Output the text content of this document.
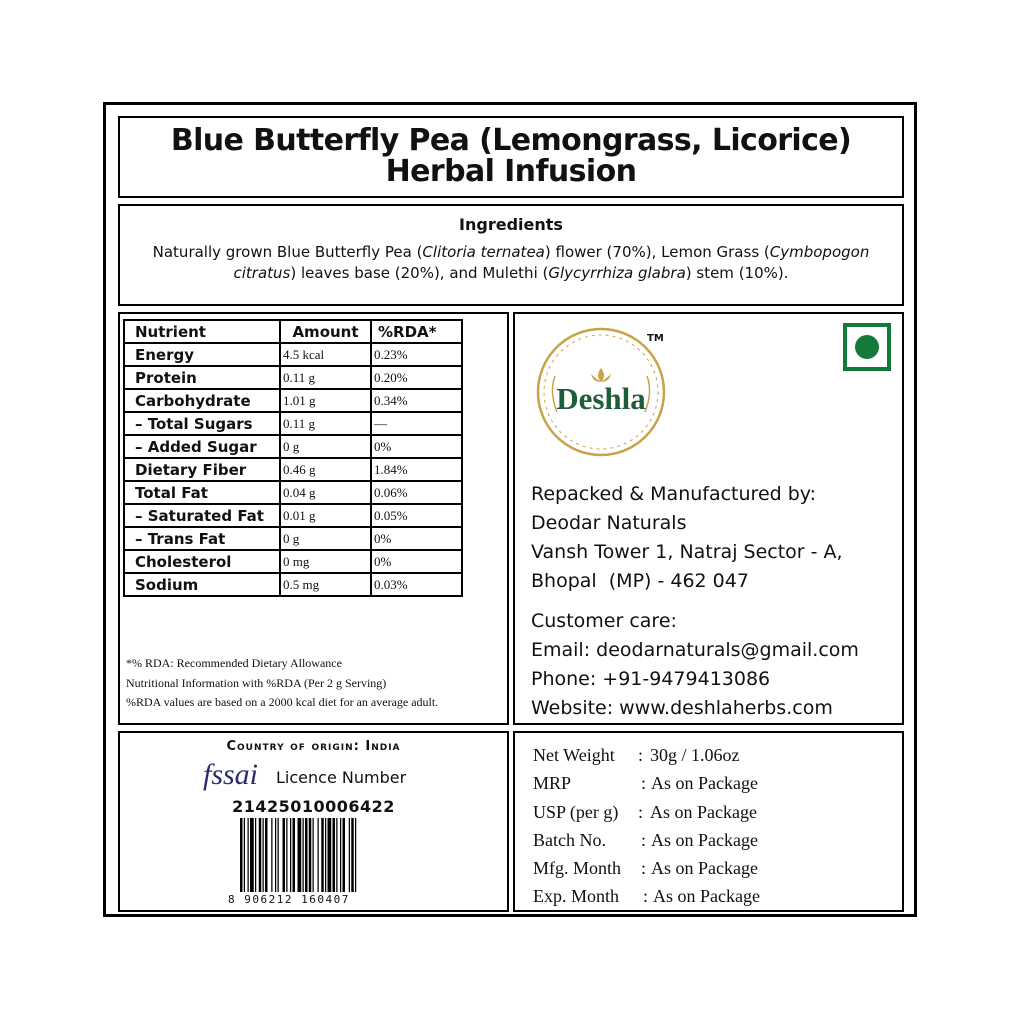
Blue Butterfly Pea (Lemongrass, Licorice)
Herbal Infusion
Ingredients
Naturally grown Blue Butterfly Pea (Clitoria ternatea) flower (70%), Lemon Grass (Cymbopogon citratus) leaves base (20%), and Mulethi (Glycyrrhiza glabra) stem (10%).
Nutrient	Amount	%RDA*
Energy	4.5 kcal	0.23%
Protein	0.11 g	0.20%
Carbohydrate	1.01 g	0.34%
– Total Sugars	0.11 g	—
– Added Sugar	0 g	0%
Dietary Fiber	0.46 g	1.84%
Total Fat	0.04 g	0.06%
– Saturated Fat	0.01 g	0.05%
– Trans Fat	0 g	0%
Cholesterol	0 mg	0%
Sodium	0.5 mg	0.03%
*% RDA: Recommended Dietary Allowance
Nutritional Information with %RDA (Per 2 g Serving)
%RDA values are based on a 2000 kcal diet for an average adult.
Deshla
TM
Repacked & Manufactured by:
Deodar Naturals
Vansh Tower 1, Natraj Sector - A,
Bhopal  (MP) - 462 047
Customer care:
Email: deodarnaturals@gmail.com
Phone: +91-9479413086
Website: www.deshlaherbs.com
Country of origin: India
fssai Licence Number
21425010006422
8 906212 160407
Net Weight : 30g / 1.06oz
MRP	: As on Package
USP (per g) : As on Package
Batch No. : As on Package
Mfg. Month : As on Package
Exp. Month : As on Package
